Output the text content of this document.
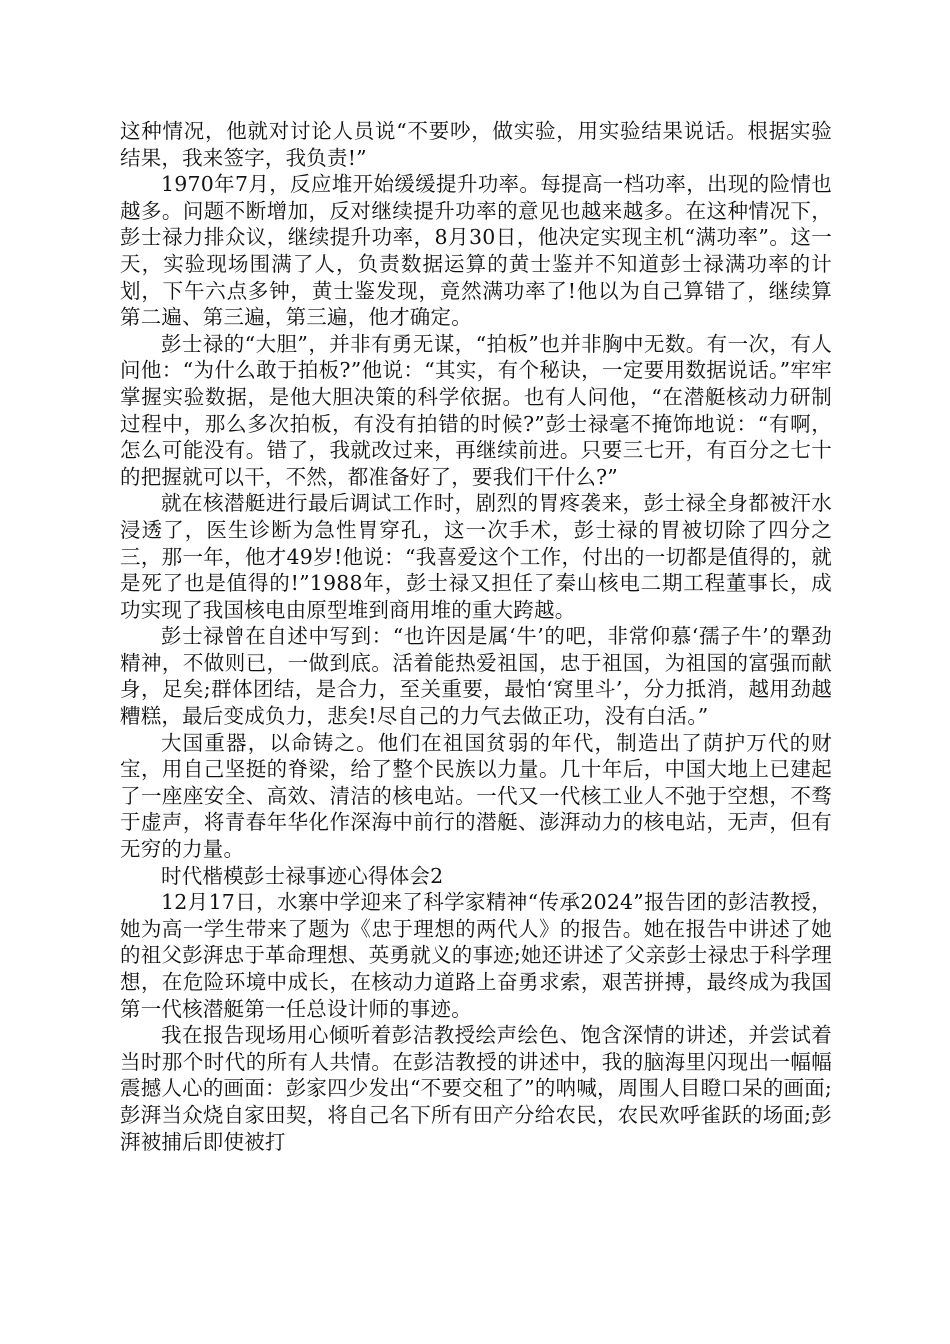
这种情况，他就对讨论人员说“不要吵，做实验，用实验结果说话。根据实验结果，我来签字，我负责!”

1970年7月，反应堆开始缓缓提升功率。每提高一档功率，出现的险情也越多。问题不断增加，反对继续提升功率的意见也越来越多。在这种情况下，彭士禄力排众议，继续提升功率，8月30日，他决定实现主机“满功率”。这一天，实验现场围满了人，负责数据运算的黄士鉴并不知道彭士禄满功率的计划，下午六点多钟，黄士鉴发现，竟然满功率了!他以为自己算错了，继续算第二遍、第三遍，第三遍，他才确定。

彭士禄的“大胆”，并非有勇无谋，“拍板”也并非胸中无数。有一次，有人问他：“为什么敢于拍板?”他说：“其实，有个秘诀，一定要用数据说话。”牢牢掌握实验数据，是他大胆决策的科学依据。也有人问他，“在潜艇核动力研制过程中，那么多次拍板，有没有拍错的时候?”彭士禄毫不掩饰地说：“有啊，怎么可能没有。错了，我就改过来，再继续前进。只要三七开，有百分之七十的把握就可以干，不然，都准备好了，要我们干什么?”

就在核潜艇进行最后调试工作时，剧烈的胃疼袭来，彭士禄全身都被汗水浸透了，医生诊断为急性胃穿孔，这一次手术，彭士禄的胃被切除了四分之三，那一年，他才49岁!他说：“我喜爱这个工作，付出的一切都是值得的，就是死了也是值得的!”1988年，彭士禄又担任了秦山核电二期工程董事长，成功实现了我国核电由原型堆到商用堆的重大跨越。

彭士禄曾在自述中写到：“也许因是属‘牛’的吧，非常仰慕‘孺子牛’的犟劲精神，不做则已，一做到底。活着能热爱祖国，忠于祖国，为祖国的富强而献身，足矣;群体团结，是合力，至关重要，最怕‘窝里斗’，分力抵消，越用劲越糟糕，最后变成负力，悲矣!尽自己的力气去做正功，没有白活。”

大国重器，以命铸之。他们在祖国贫弱的年代，制造出了荫护万代的财宝，用自己坚挺的脊梁，给了整个民族以力量。几十年后，中国大地上已建起了一座座安全、高效、清洁的核电站。一代又一代核工业人不弛于空想，不骛于虚声，将青春年华化作深海中前行的潜艇、澎湃动力的核电站，无声，但有无穷的力量。

时代楷模彭士禄事迹心得体会2

12月17日，水寨中学迎来了科学家精神“传承2024”报告团的彭洁教授，她为高一学生带来了题为《忠于理想的两代人》的报告。她在报告中讲述了她的祖父彭湃忠于革命理想、英勇就义的事迹;她还讲述了父亲彭士禄忠于科学理想，在危险环境中成长，在核动力道路上奋勇求索，艰苦拼搏，最终成为我国第一代核潜艇第一任总设计师的事迹。

我在报告现场用心倾听着彭洁教授绘声绘色、饱含深情的讲述，并尝试着当时那个时代的所有人共情。在彭洁教授的讲述中，我的脑海里闪现出一幅幅震撼人心的画面：彭家四少发出“不要交租了”的呐喊，周围人目瞪口呆的画面;彭湃当众烧自家田契，将自己名下所有田产分给农民，农民欢呼雀跃的场面;彭湃被捕后即使被打
